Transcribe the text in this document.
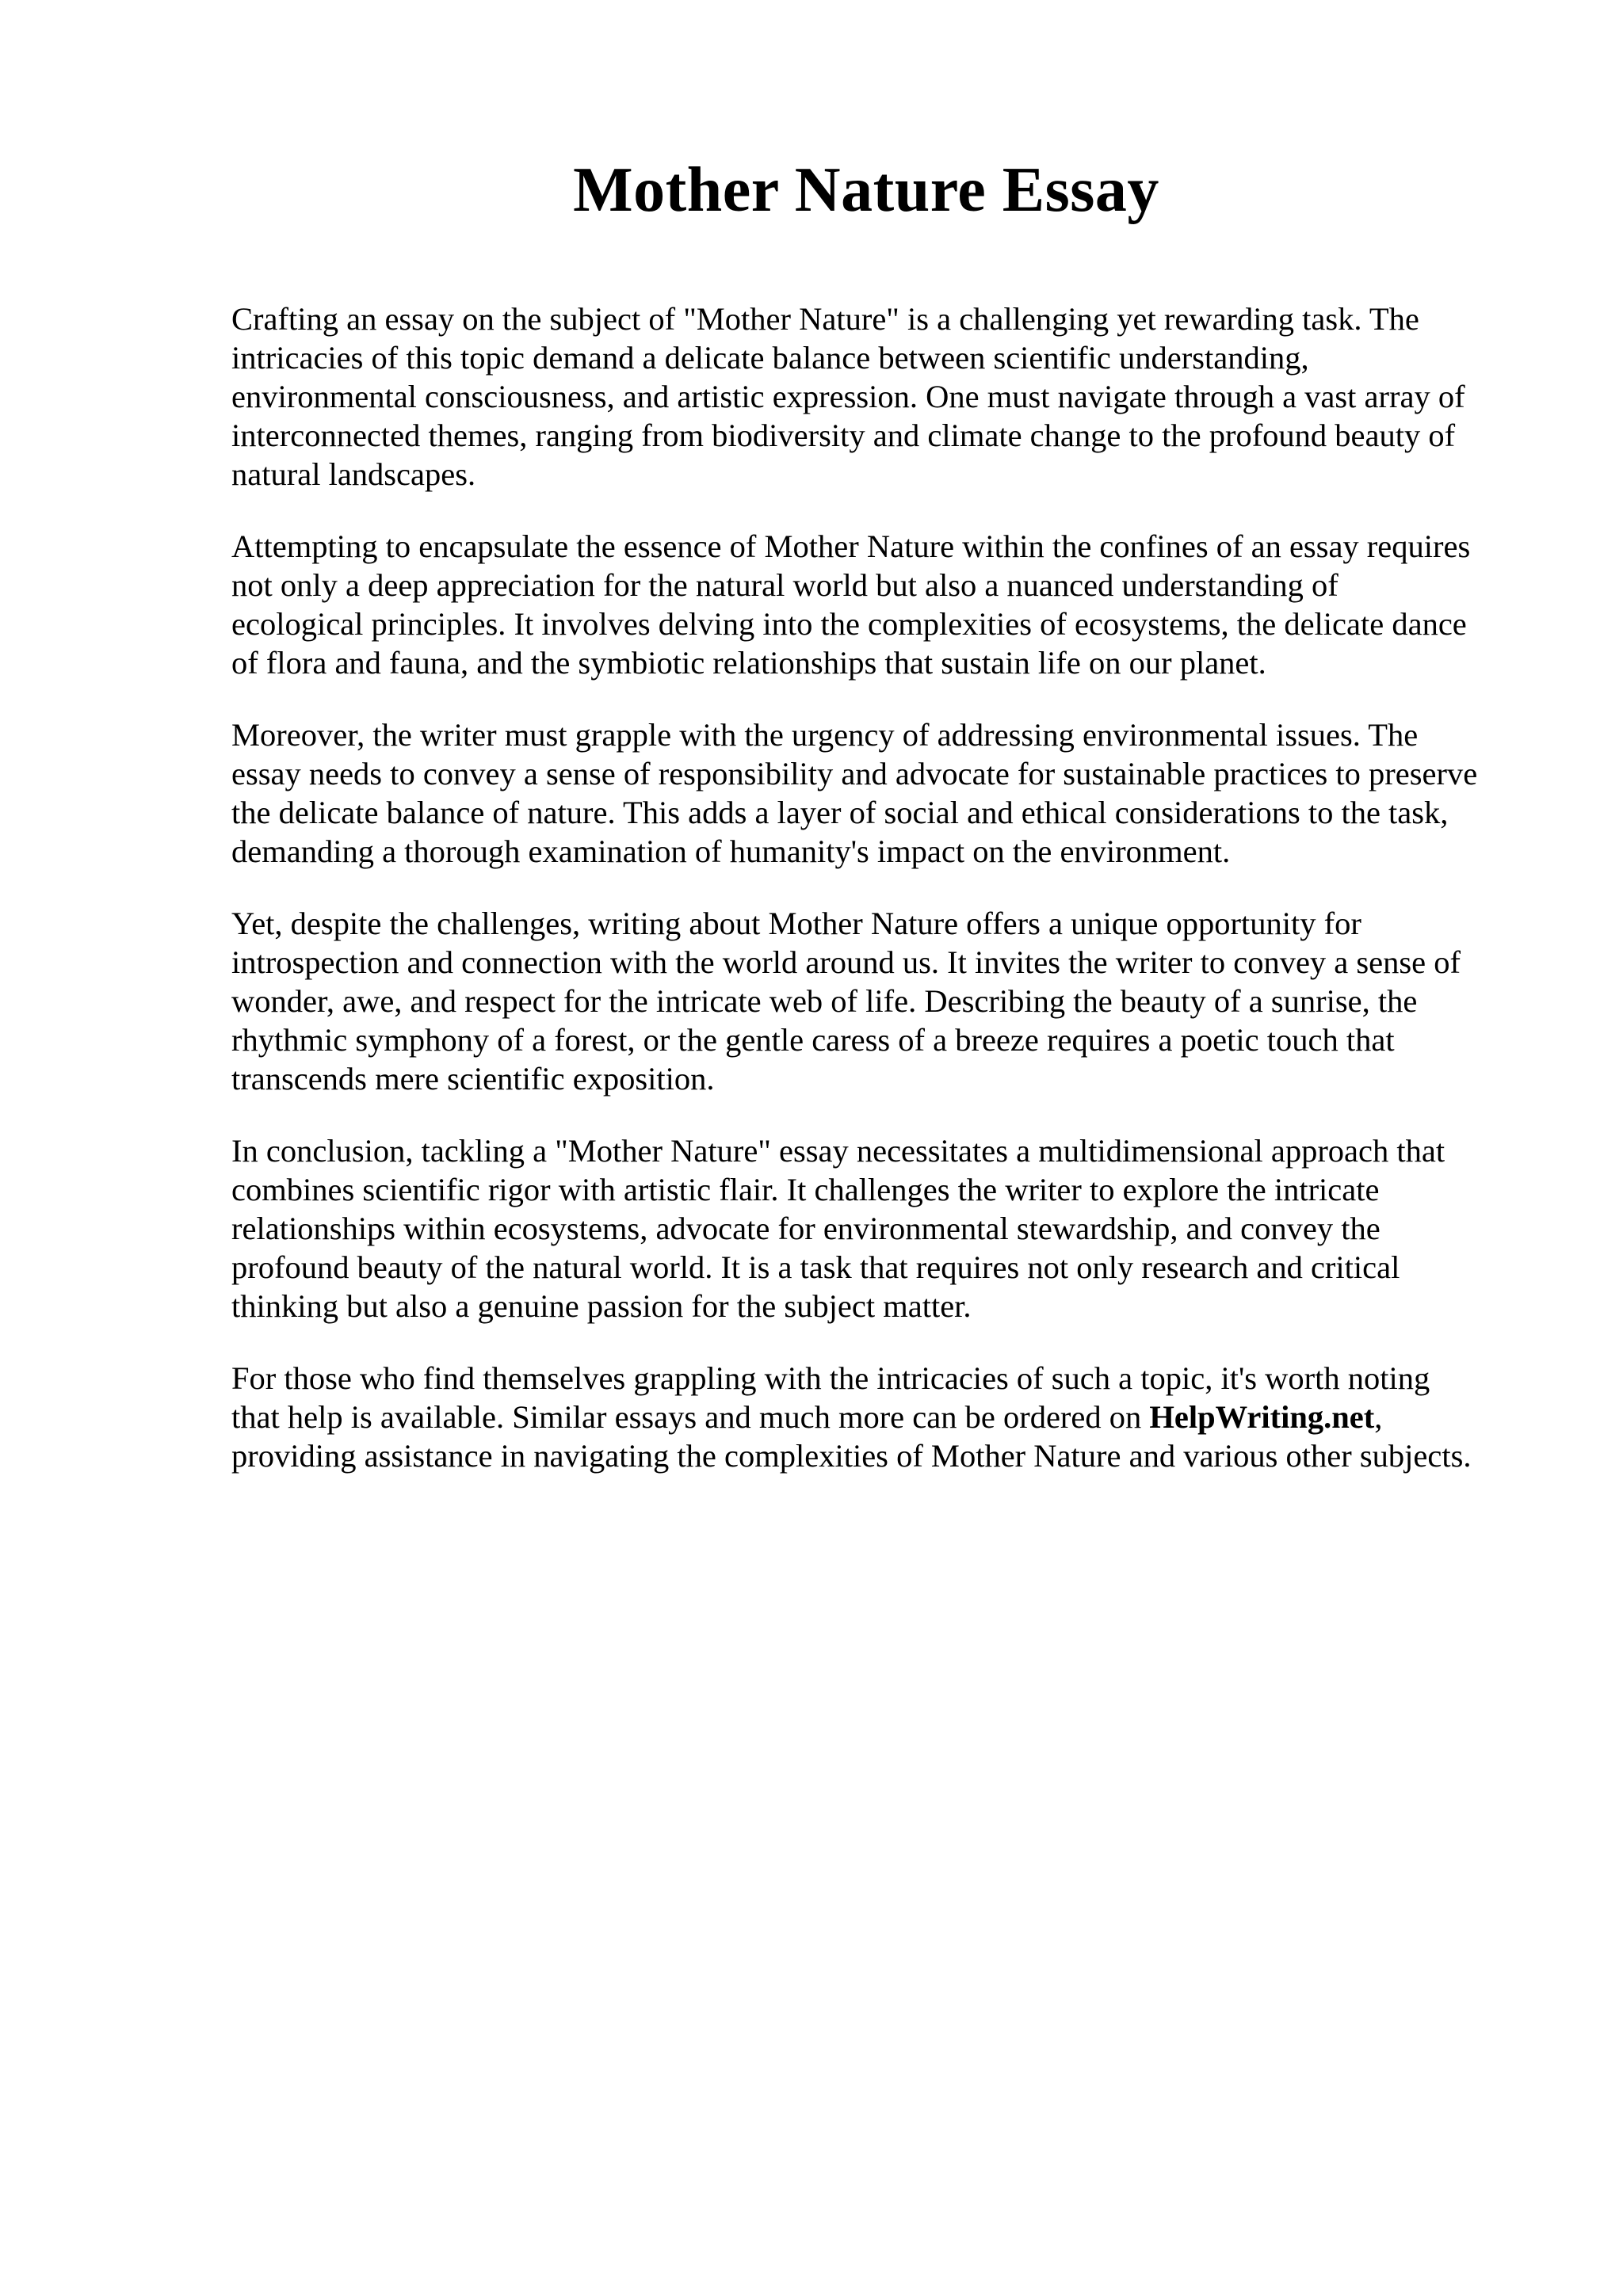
Mother Nature Essay

Crafting an essay on the subject of "Mother Nature" is a challenging yet rewarding task. The
intricacies of this topic demand a delicate balance between scientific understanding,
environmental consciousness, and artistic expression. One must navigate through a vast array of
interconnected themes, ranging from biodiversity and climate change to the profound beauty of
natural landscapes.

Attempting to encapsulate the essence of Mother Nature within the confines of an essay requires
not only a deep appreciation for the natural world but also a nuanced understanding of
ecological principles. It involves delving into the complexities of ecosystems, the delicate dance
of flora and fauna, and the symbiotic relationships that sustain life on our planet.

Moreover, the writer must grapple with the urgency of addressing environmental issues. The
essay needs to convey a sense of responsibility and advocate for sustainable practices to preserve
the delicate balance of nature. This adds a layer of social and ethical considerations to the task,
demanding a thorough examination of humanity's impact on the environment.

Yet, despite the challenges, writing about Mother Nature offers a unique opportunity for
introspection and connection with the world around us. It invites the writer to convey a sense of
wonder, awe, and respect for the intricate web of life. Describing the beauty of a sunrise, the
rhythmic symphony of a forest, or the gentle caress of a breeze requires a poetic touch that
transcends mere scientific exposition.

In conclusion, tackling a "Mother Nature" essay necessitates a multidimensional approach that
combines scientific rigor with artistic flair. It challenges the writer to explore the intricate
relationships within ecosystems, advocate for environmental stewardship, and convey the
profound beauty of the natural world. It is a task that requires not only research and critical
thinking but also a genuine passion for the subject matter.

For those who find themselves grappling with the intricacies of such a topic, it's worth noting
that help is available. Similar essays and much more can be ordered on HelpWriting.net,
providing assistance in navigating the complexities of Mother Nature and various other subjects.
